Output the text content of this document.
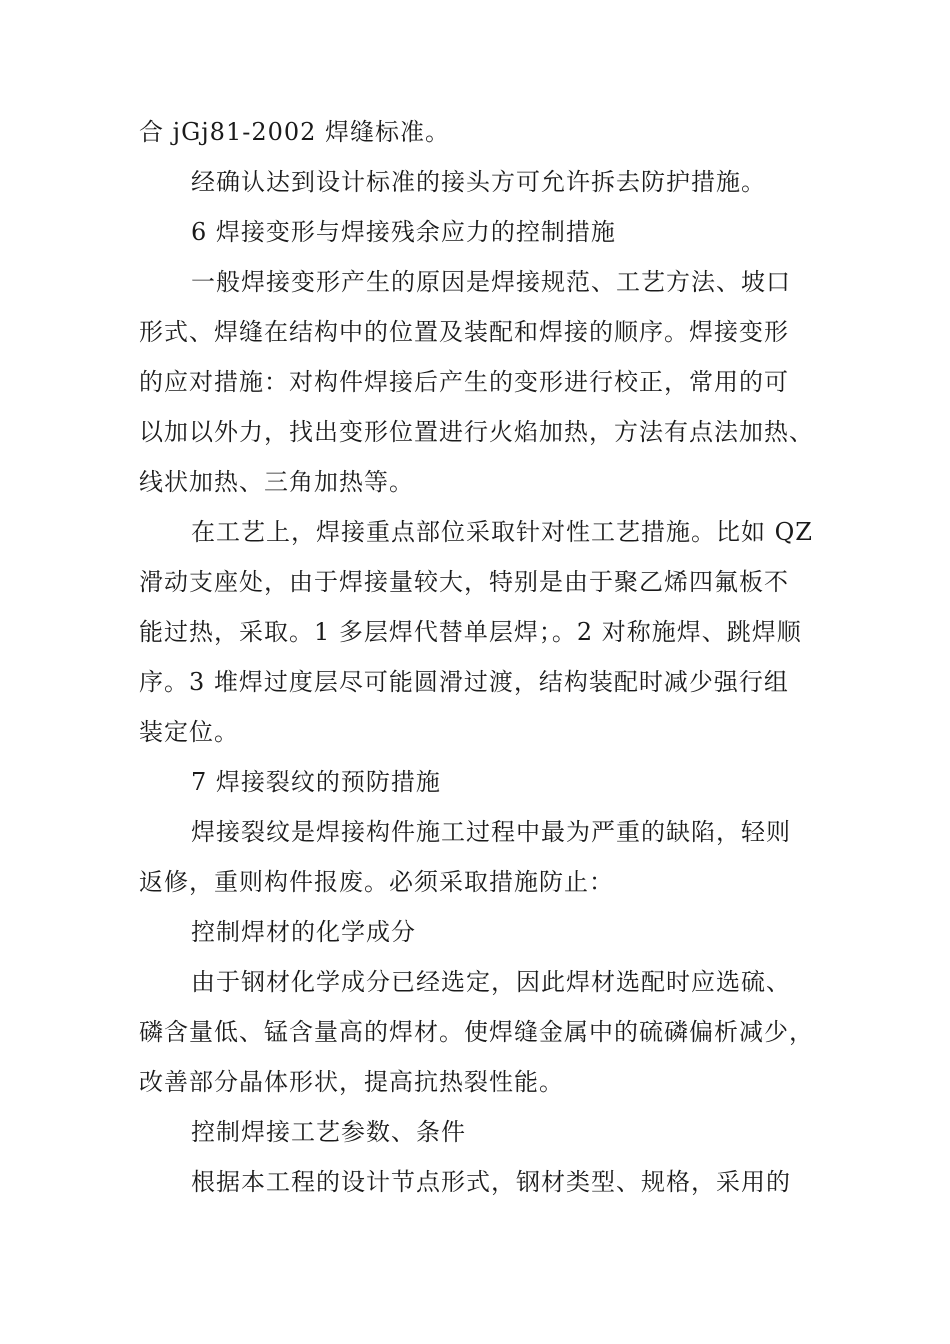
合 jGj81-2002 焊缝标准。
经确认达到设计标准的接头方可允许拆去防护措施。
6 焊接变形与焊接残余应力的控制措施
一般焊接变形产生的原因是焊接规范、工艺方法、坡口
形式、焊缝在结构中的位置及装配和焊接的顺序。焊接变形
的应对措施：对构件焊接后产生的变形进行校正，常用的可
以加以外力，找出变形位置进行火焰加热，方法有点法加热、
线状加热、三角加热等。
在工艺上，焊接重点部位采取针对性工艺措施。比如 QZ
滑动支座处，由于焊接量较大，特别是由于聚乙烯四氟板不
能过热，采取。1 多层焊代替单层焊；。2 对称施焊、跳焊顺
序。3 堆焊过度层尽可能圆滑过渡，结构装配时减少强行组
装定位。
7 焊接裂纹的预防措施
焊接裂纹是焊接构件施工过程中最为严重的缺陷，轻则
返修，重则构件报废。必须采取措施防止：
控制焊材的化学成分
由于钢材化学成分已经选定，因此焊材选配时应选硫、
磷含量低、锰含量高的焊材。使焊缝金属中的硫磷偏析减少，
改善部分晶体形状，提高抗热裂性能。
控制焊接工艺参数、条件
根据本工程的设计节点形式，钢材类型、规格，采用的
